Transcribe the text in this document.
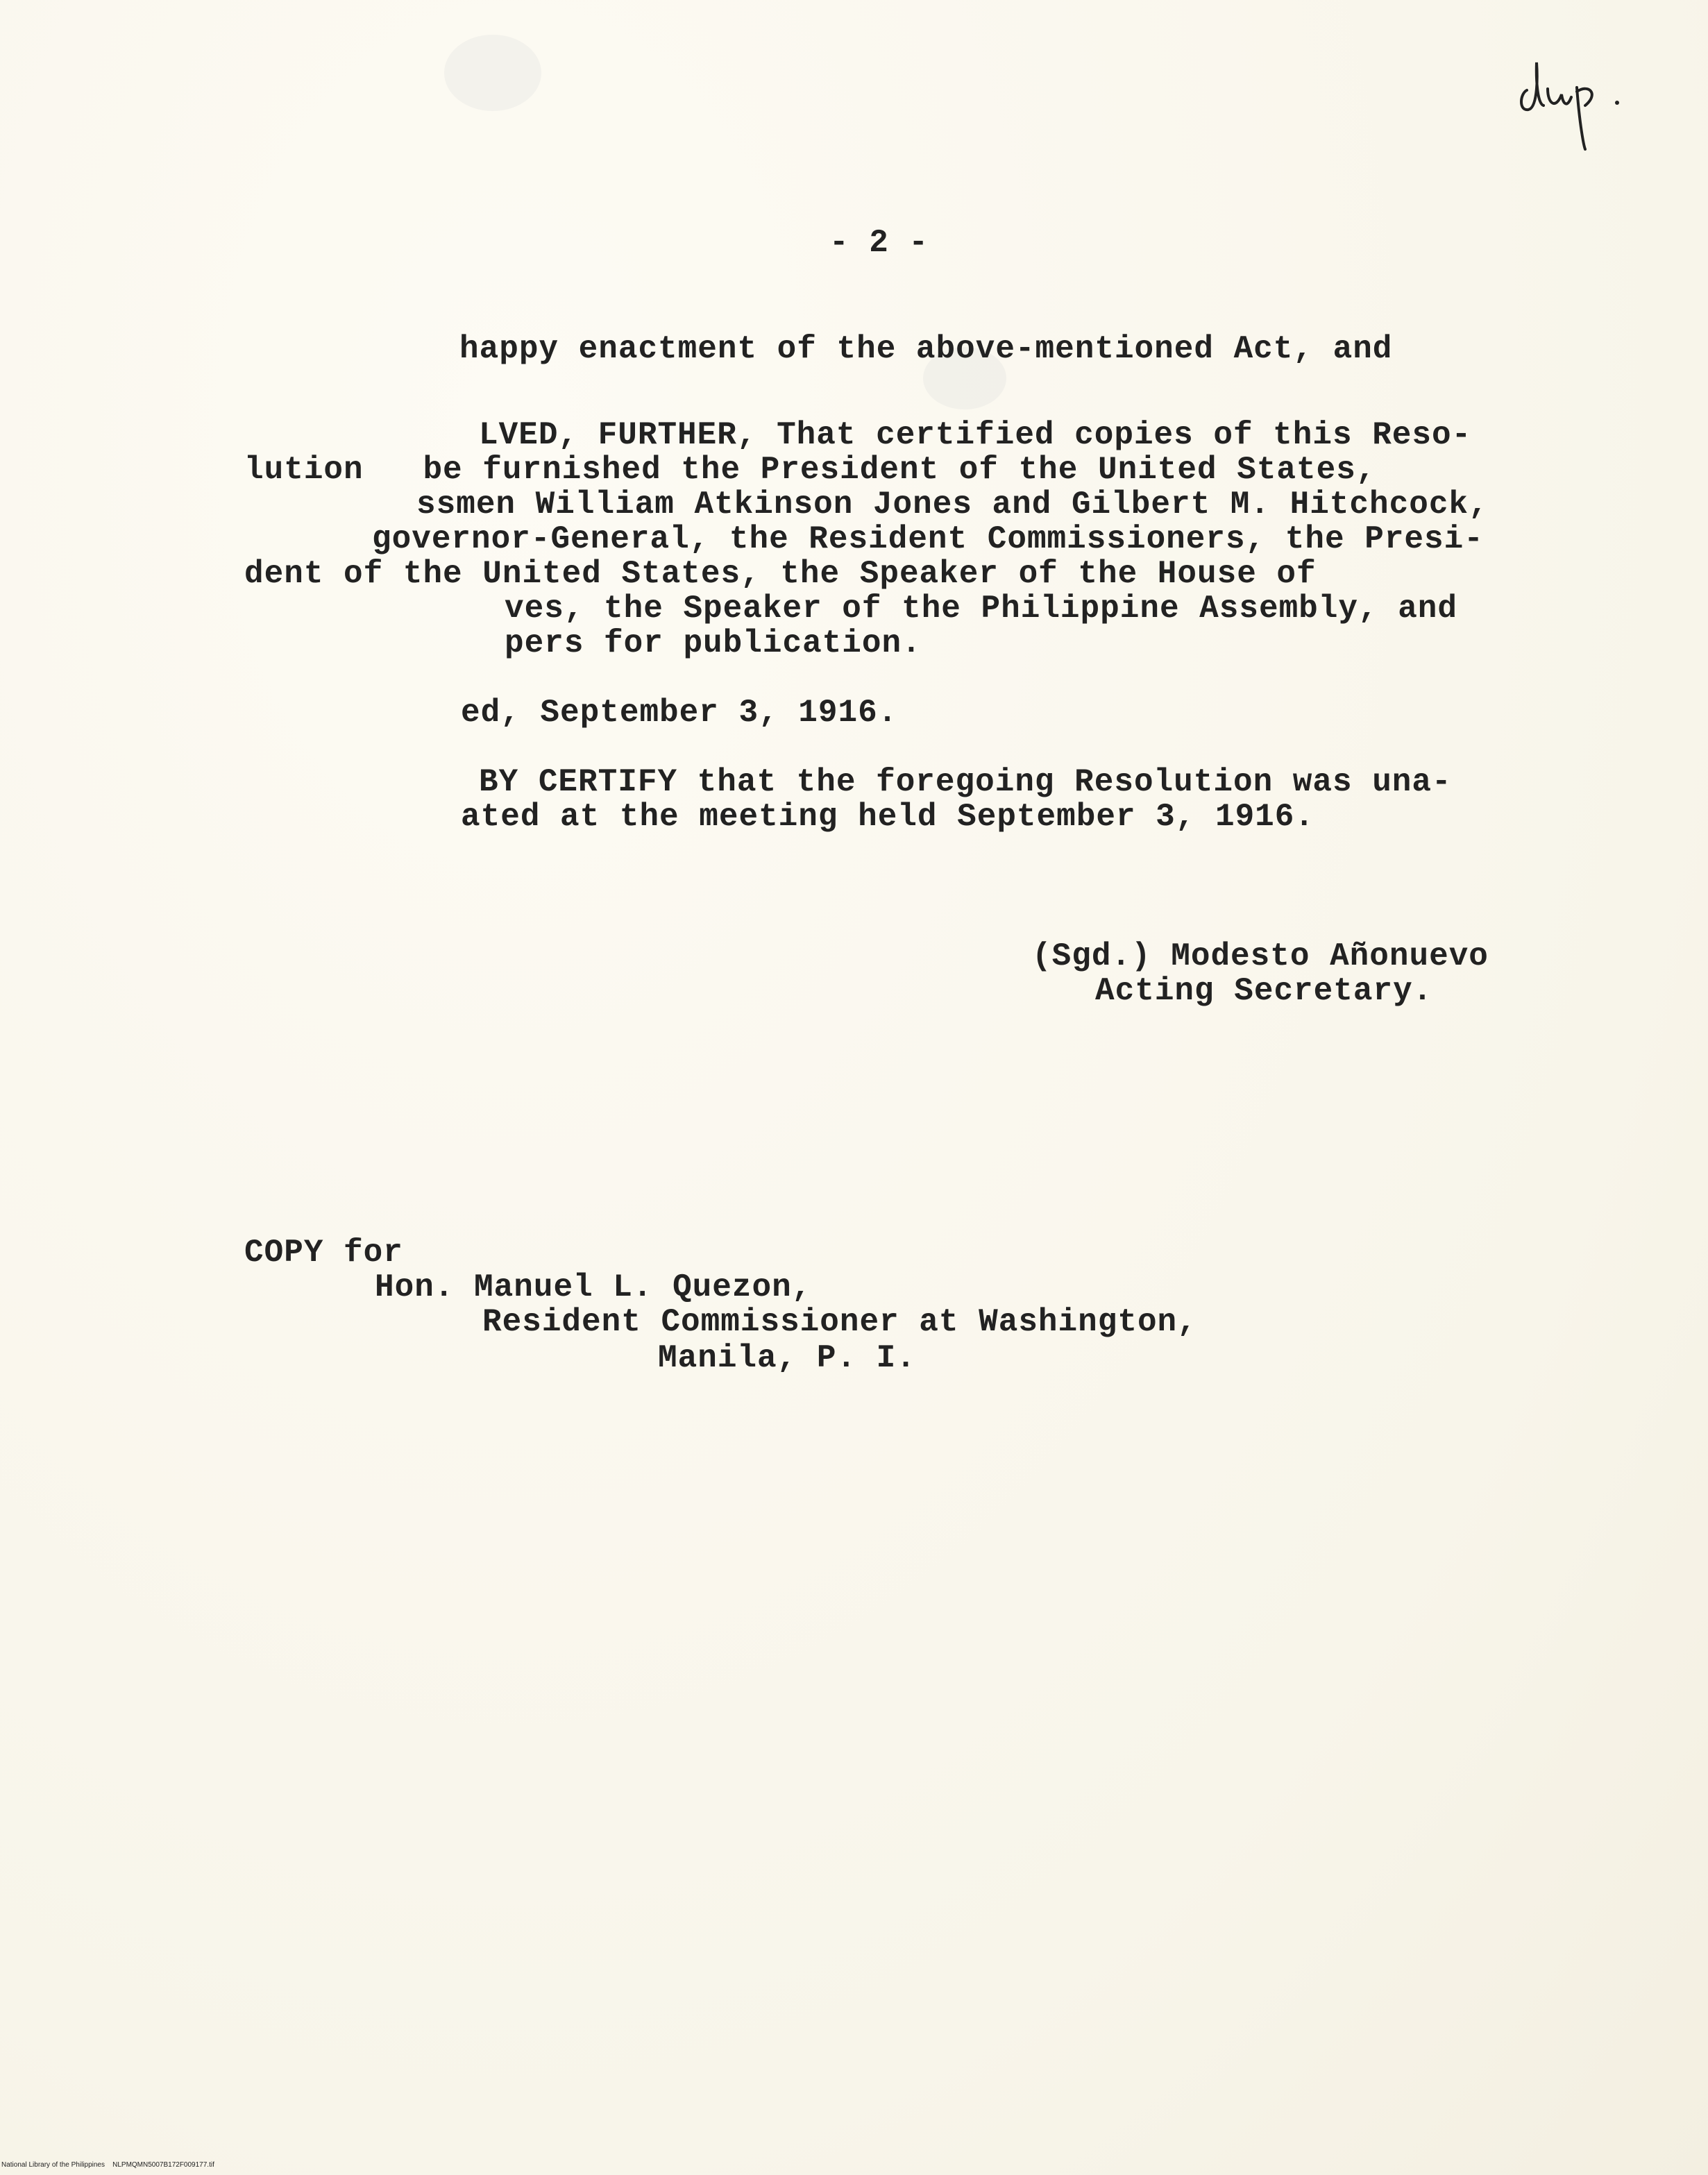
- 2 -
happy enactment of the above-mentioned Act, and
LVED, FURTHER, That certified copies of this Reso-
lution   be furnished the President of the United States,
ssmen William Atkinson Jones and Gilbert M. Hitchcock,
governor-General, the Resident Commissioners, the Presi-
dent of the United States, the Speaker of the House of
ves, the Speaker of the Philippine Assembly, and
pers for publication.
ed, September 3, 1916.
BY CERTIFY that the foregoing Resolution was una-
ated at the meeting held September 3, 1916.
(Sgd.) Modesto Añonuevo
Acting Secretary.
COPY for
Hon. Manuel L. Quezon,
Resident Commissioner at Washington,
Manila, P. I.
National Library of the Philippines NLPMQMN5007B172F009177.tif
